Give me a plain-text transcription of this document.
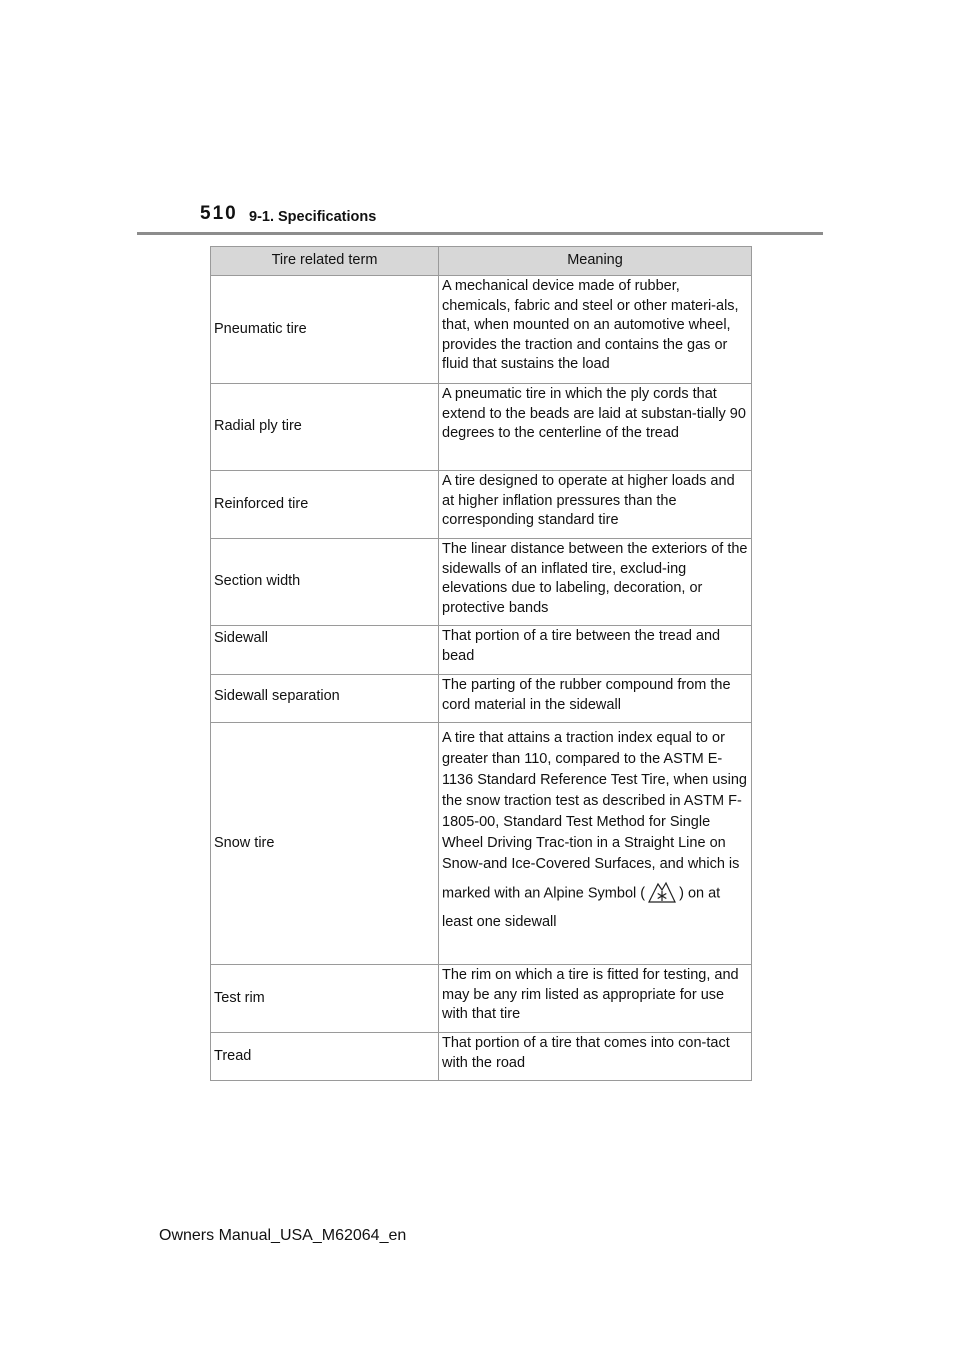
510 9-1. Specifications
Tire related term	Meaning
Pneumatic tire	A mechanical device made of rubber, chemicals, fabric and steel or other materi-als, that, when mounted on an automotive wheel, provides the traction and contains the gas or fluid that sustains the load
Radial ply tire	A pneumatic tire in which the ply cords that extend to the beads are laid at substan-tially 90 degrees to the centerline of the tread
Reinforced tire	A tire designed to operate at higher loads and at higher inflation pressures than the corresponding standard tire
Section width	The linear distance between the exteriors of the sidewalls of an inflated tire, exclud-ing elevations due to labeling, decoration, or protective bands
Sidewall	That portion of a tire between the tread and bead
Sidewall separation	The parting of the rubber compound from the cord material in the sidewall
Snow tire	A tire that attains a traction index equal to or greater than 110, compared to the ASTM E-1136 Standard Reference Test Tire, when using the snow traction test as described in ASTM F-1805-00, Standard Test Method for Single Wheel Driving Trac-tion in a Straight Line on Snow-and Ice-Covered Surfaces, and which is marked with an Alpine Symbol ( ) on at least one sidewall
Test rim	The rim on which a tire is fitted for testing, and may be any rim listed as appropriate for use with that tire
Tread	That portion of a tire that comes into con-tact with the road
Owners Manual_USA_M62064_en
